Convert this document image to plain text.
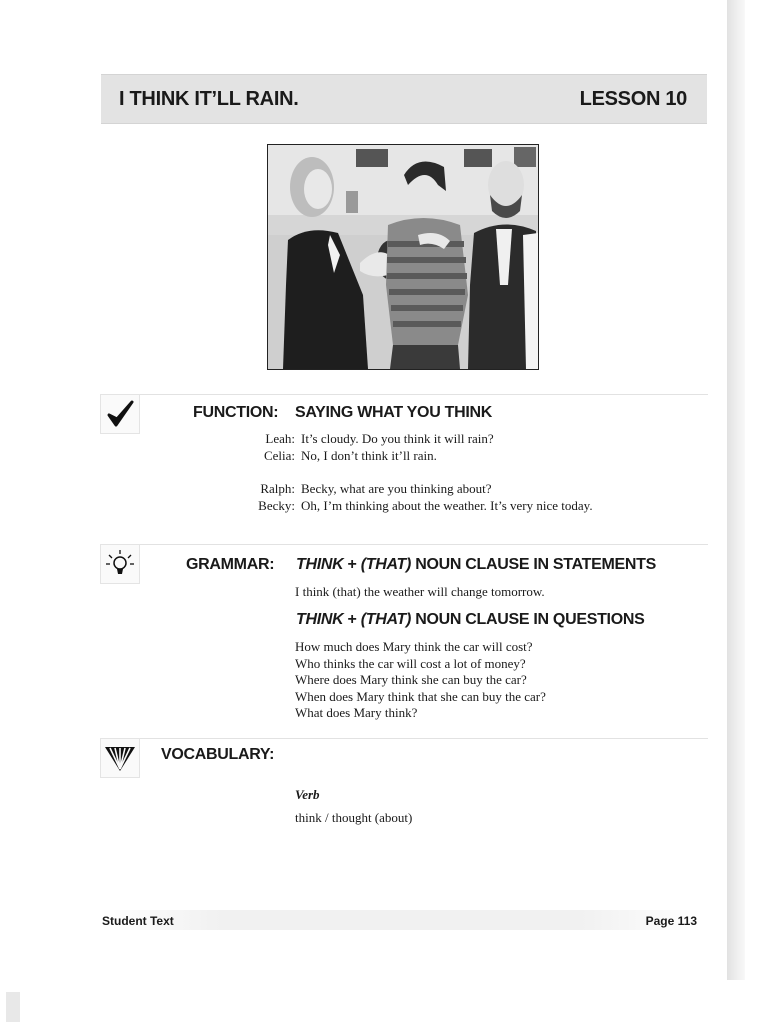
I THINK IT’LL RAIN.	LESSON 10
FUNCTION: SAYING WHAT YOU THINK
Leah: It’s cloudy. Do you think it will rain?
Celia: No, I don’t think it’ll rain.
Ralph: Becky, what are you thinking about?
Becky: Oh, I’m thinking about the weather. It’s very nice today.
GRAMMAR: THINK + (THAT) NOUN CLAUSE IN STATEMENTS
I think (that) the weather will change tomorrow.
THINK + (THAT) NOUN CLAUSE IN QUESTIONS
How much does Mary think the car will cost?
Who thinks the car will cost a lot of money?
Where does Mary think she can buy the car?
When does Mary think that she can buy the car?
What does Mary think?
VOCABULARY:
Verb
think / thought (about)
Student Text	Page 113
